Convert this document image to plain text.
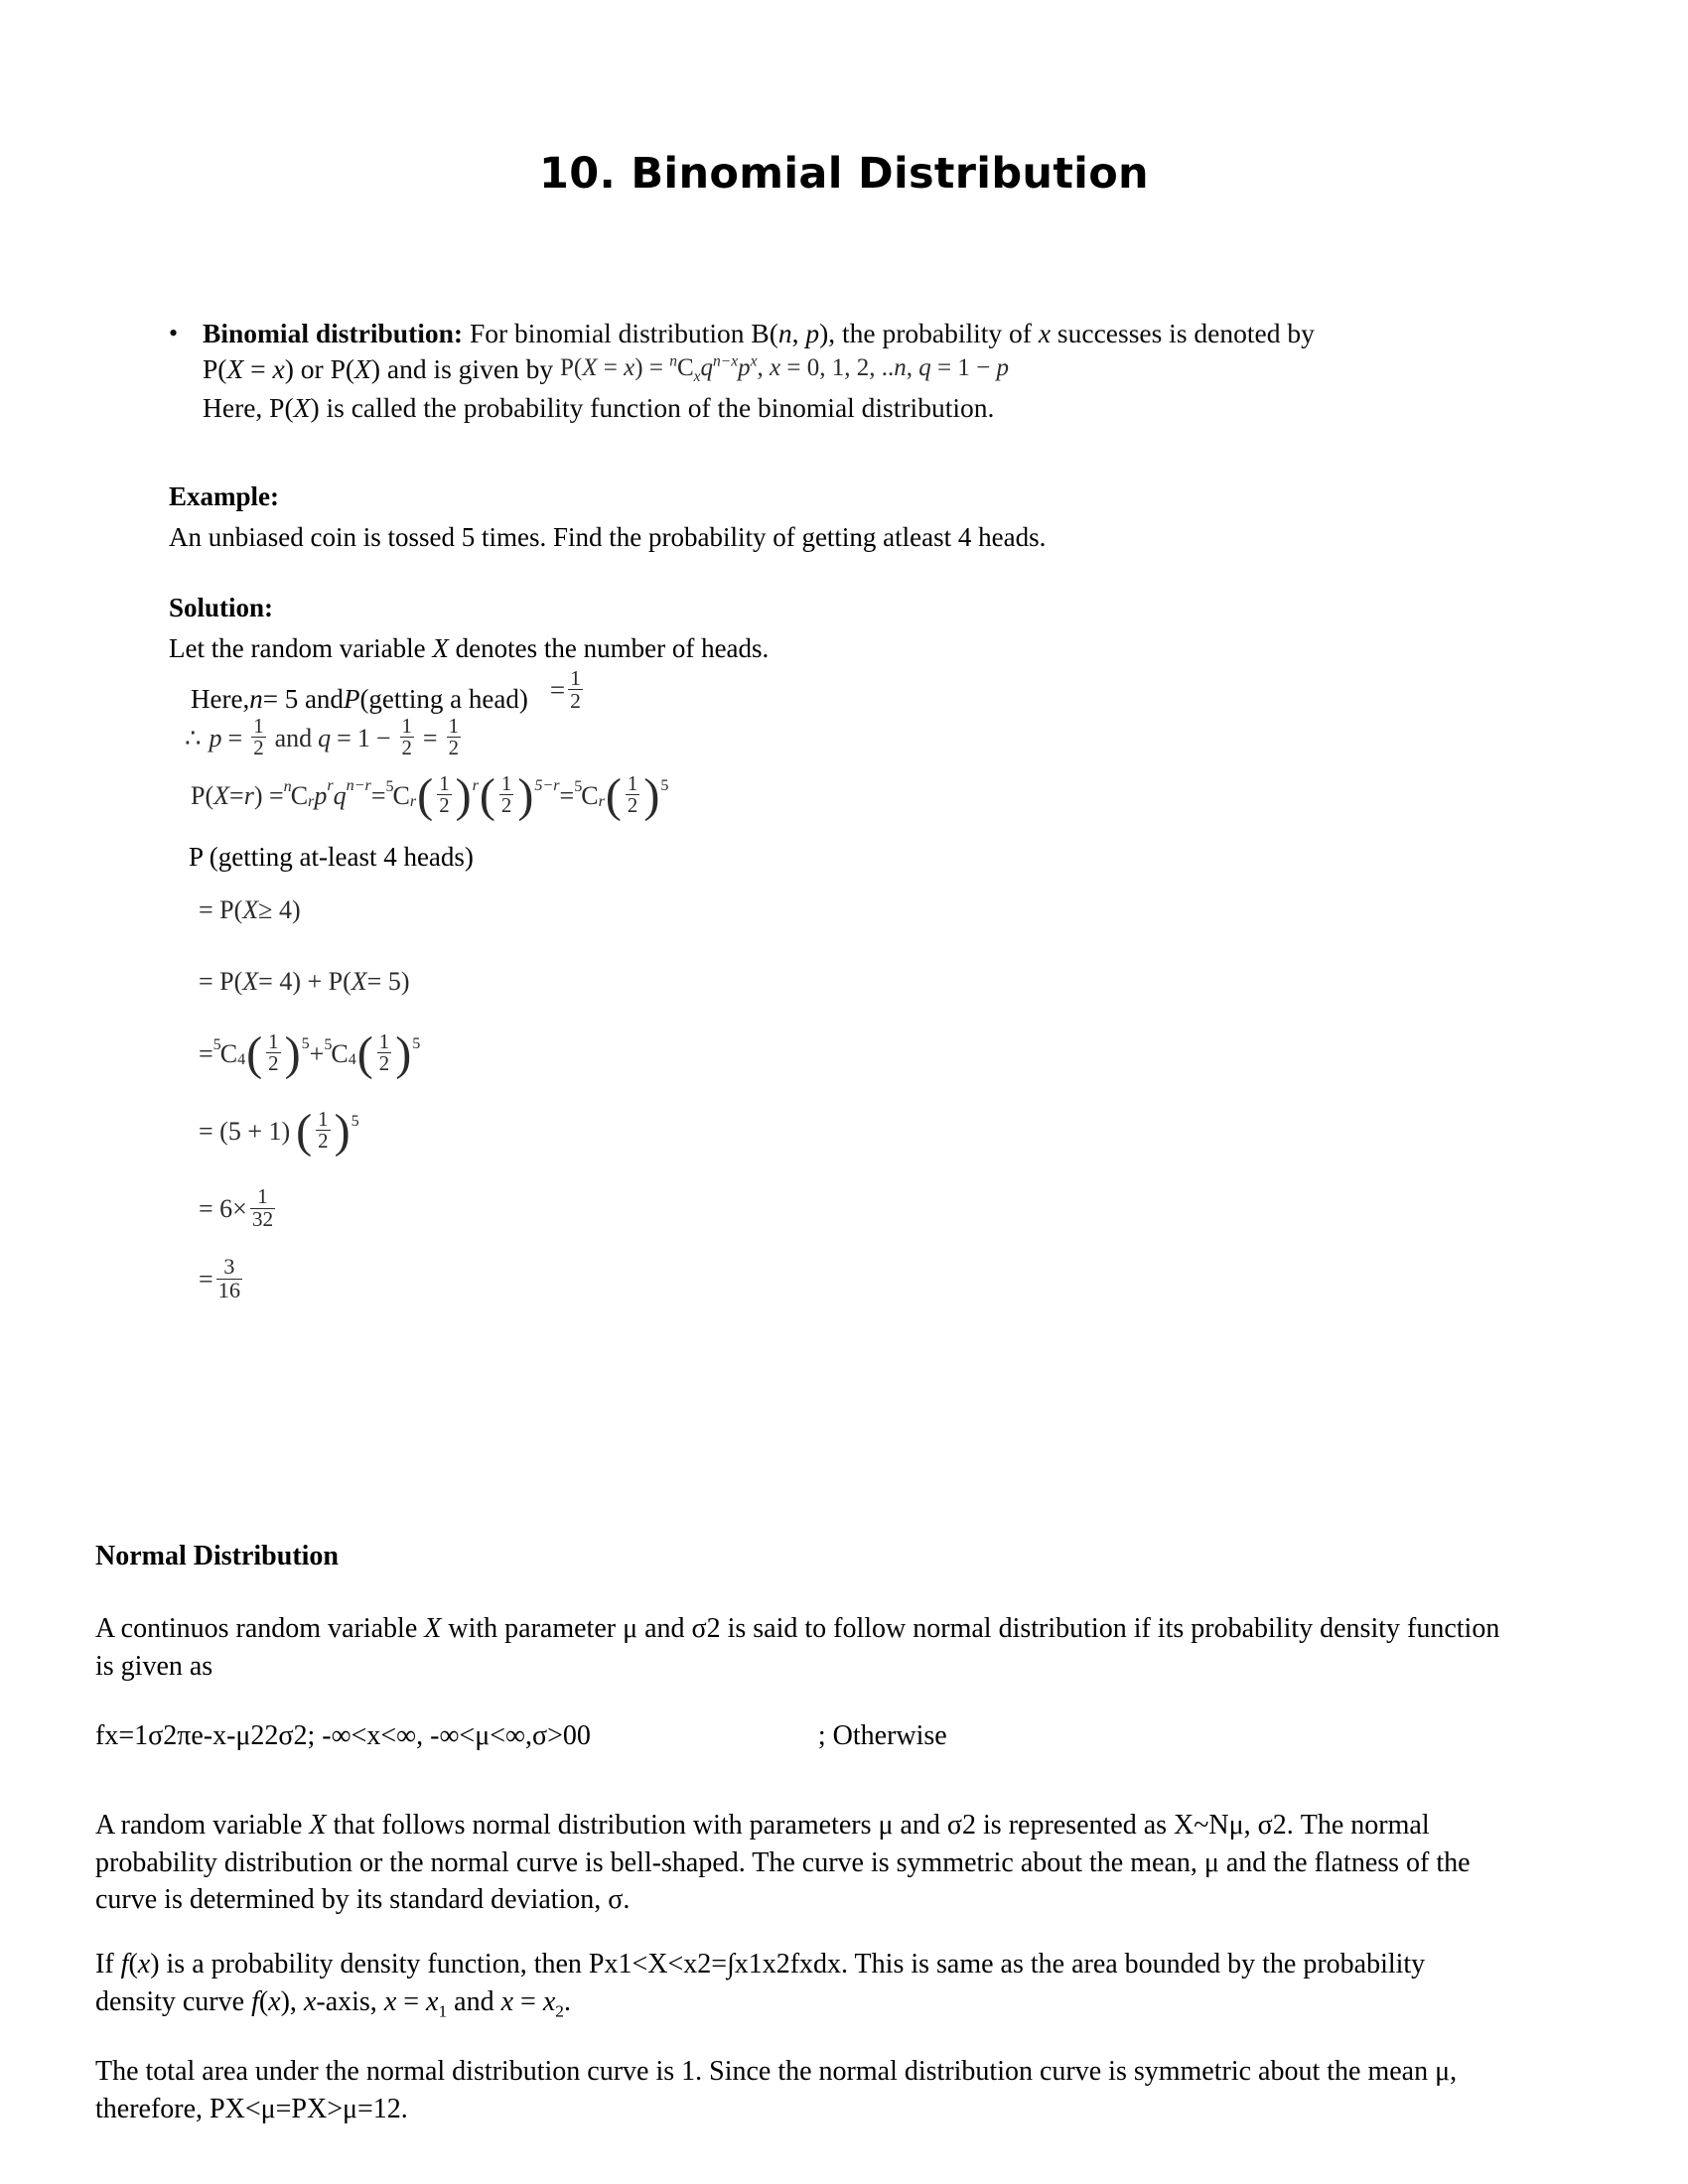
10. Binomial Distribution
• Binomial distribution: For binomial distribution B(n, p), the probability of x successes is denoted by
P(X = x) or P(X) and is given by $P(X = x) = ^nC_xq^{n-x}p^x$, x = 0, 1, 2, ..n, q = 1 − p
Here, P(X) is called the probability function of the binomial distribution.
Example:
An unbiased coin is tossed 5 times. Find the probability of getting atleast 4 heads.
Solution:
Let the random variable X denotes the number of heads.
Here, n = 5 and P (getting a head) = $\frac{1}{2}$
∴ $p = \frac{1}{2}$ and $q = 1 - \frac{1}{2} = \frac{1}{2}$
P( X = r ) = n C r p r q n−r = 5 C r ( $\frac{1}{2}$ ) r ( $\frac{1}{2}$ ) 5−r = 5 C r ( $\frac{1}{2}$ ) 5
P (getting at-least 4 heads)
= P( X ≥ 4)
= P( X = 4) + P( X = 5)
= 5 C 4 ( $\frac{1}{2}$ ) 5 + 5 C 4 ( $\frac{1}{2}$ ) 5
= (5 + 1) ( $\frac{1}{2}$ ) 5
= $6\times \frac{1}{32}$
= $\frac{3}{16}$
Normal Distribution
A continuos random variable X with parameter μ and σ2 is said to follow normal distribution if its probability density function is given as
fx=1σ2πe-x-μ22σ2; -∞<x<∞, -∞<μ<∞,σ>00	; Otherwise
A random variable X that follows normal distribution with parameters μ and σ2 is represented as X~Nμ, σ2. The normal probability distribution or the normal curve is bell-shaped. The curve is symmetric about the mean, μ and the flatness of the curve is determined by its standard deviation, σ.
If f(x) is a probability density function, then Px1<X<x2=∫x1x2fxdx. This is same as the area bounded by the probability density curve f(x), x-axis, $x = x_1$ and $x = x_2$.
The total area under the normal distribution curve is 1. Since the normal distribution curve is symmetric about the mean μ, therefore, PX<μ=PX>μ=12.
